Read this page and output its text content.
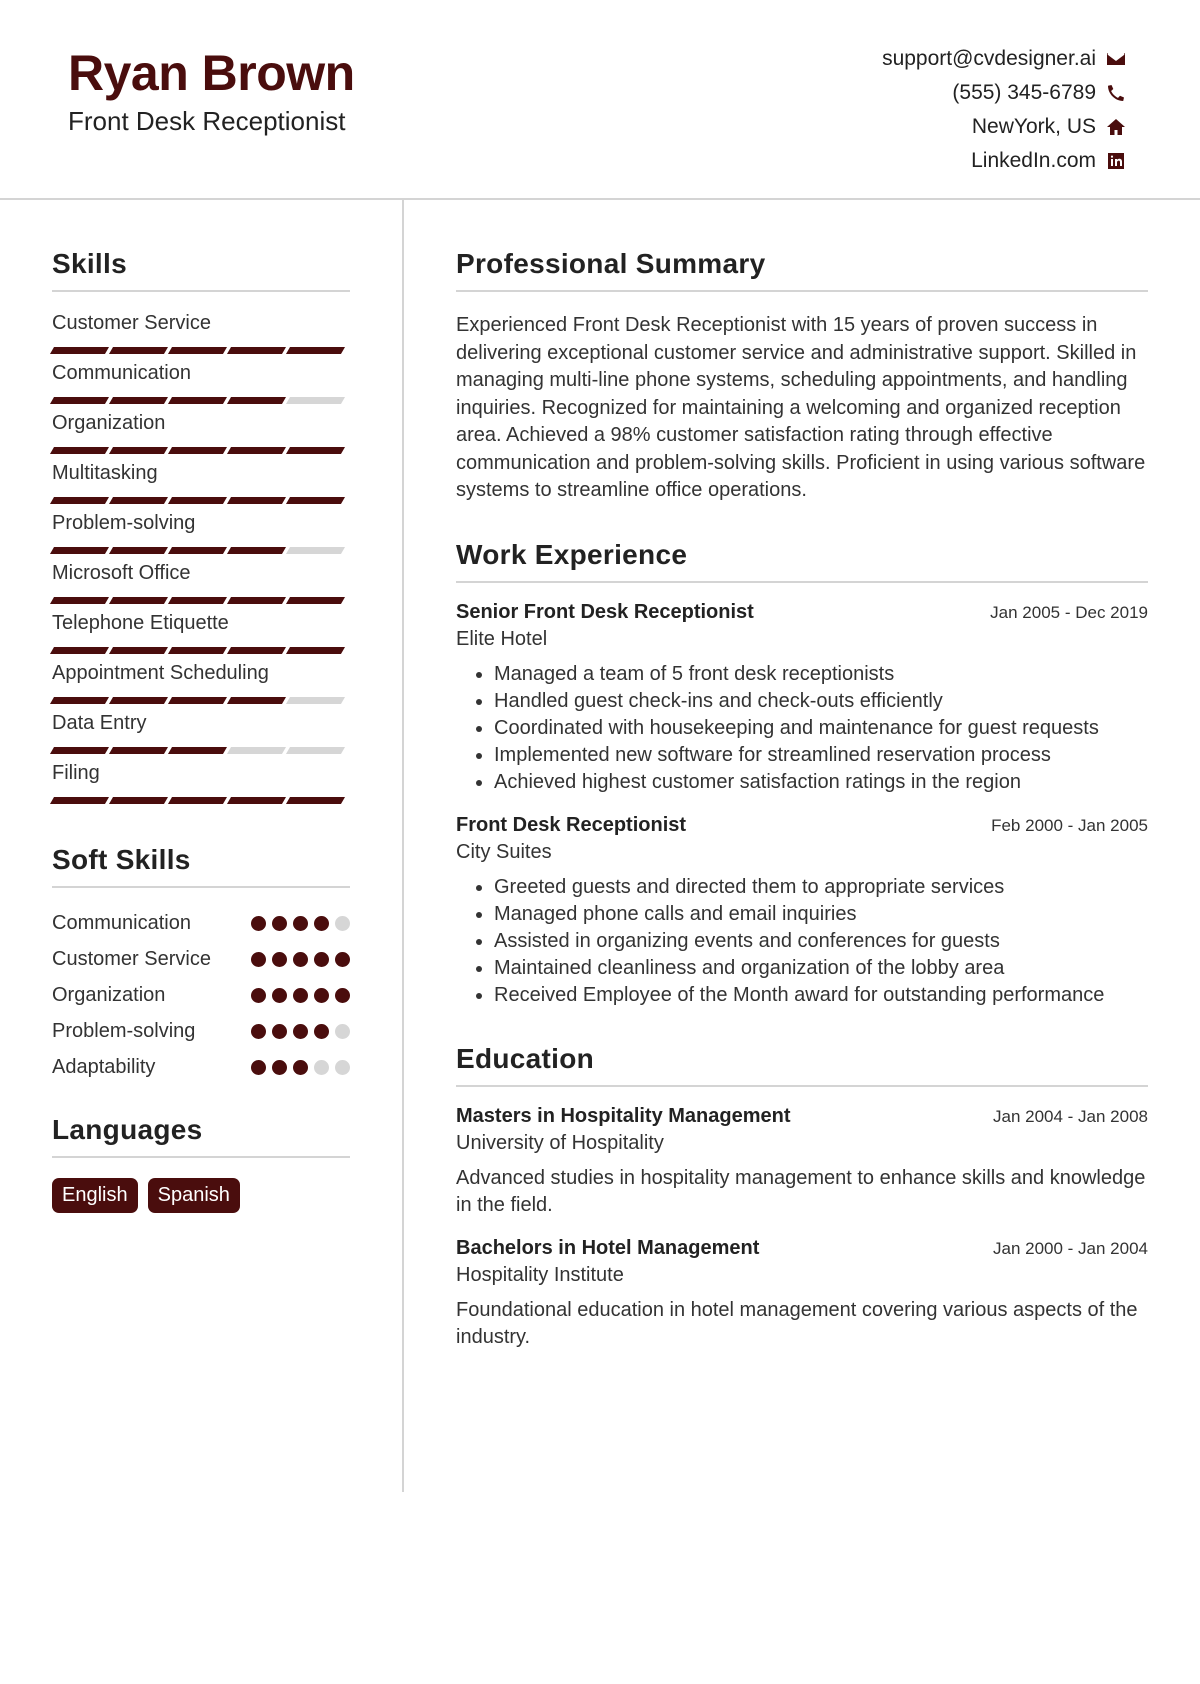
Ryan Brown
Front Desk Receptionist
support@cvdesigner.ai
(555) 345-6789
NewYork, US
LinkedIn.com
Skills
Customer Service
Communication
Organization
Multitasking
Problem-solving
Microsoft Office
Telephone Etiquette
Appointment Scheduling
Data Entry
Filing
Soft Skills
Communication
Customer Service
Organization
Problem-solving
Adaptability
Languages
English	Spanish
Professional Summary
Experienced Front Desk Receptionist with 15 years of proven success in delivering exceptional customer service and administrative support. Skilled in managing multi-line phone systems, scheduling appointments, and handling inquiries. Recognized for maintaining a welcoming and organized reception area. Achieved a 98% customer satisfaction rating through effective communication and problem-solving skills. Proficient in using various software systems to streamline office operations.
Work Experience
Senior Front Desk Receptionist	Jan 2005 - Dec 2019
Elite Hotel
• Managed a team of 5 front desk receptionists
• Handled guest check-ins and check-outs efficiently
• Coordinated with housekeeping and maintenance for guest requests
• Implemented new software for streamlined reservation process
• Achieved highest customer satisfaction ratings in the region
Front Desk Receptionist	Feb 2000 - Jan 2005
City Suites
• Greeted guests and directed them to appropriate services
• Managed phone calls and email inquiries
• Assisted in organizing events and conferences for guests
• Maintained cleanliness and organization of the lobby area
• Received Employee of the Month award for outstanding performance
Education
Masters in Hospitality Management	Jan 2004 - Jan 2008
University of Hospitality
Advanced studies in hospitality management to enhance skills and knowledge in the field.
Bachelors in Hotel Management	Jan 2000 - Jan 2004
Hospitality Institute
Foundational education in hotel management covering various aspects of the industry.
